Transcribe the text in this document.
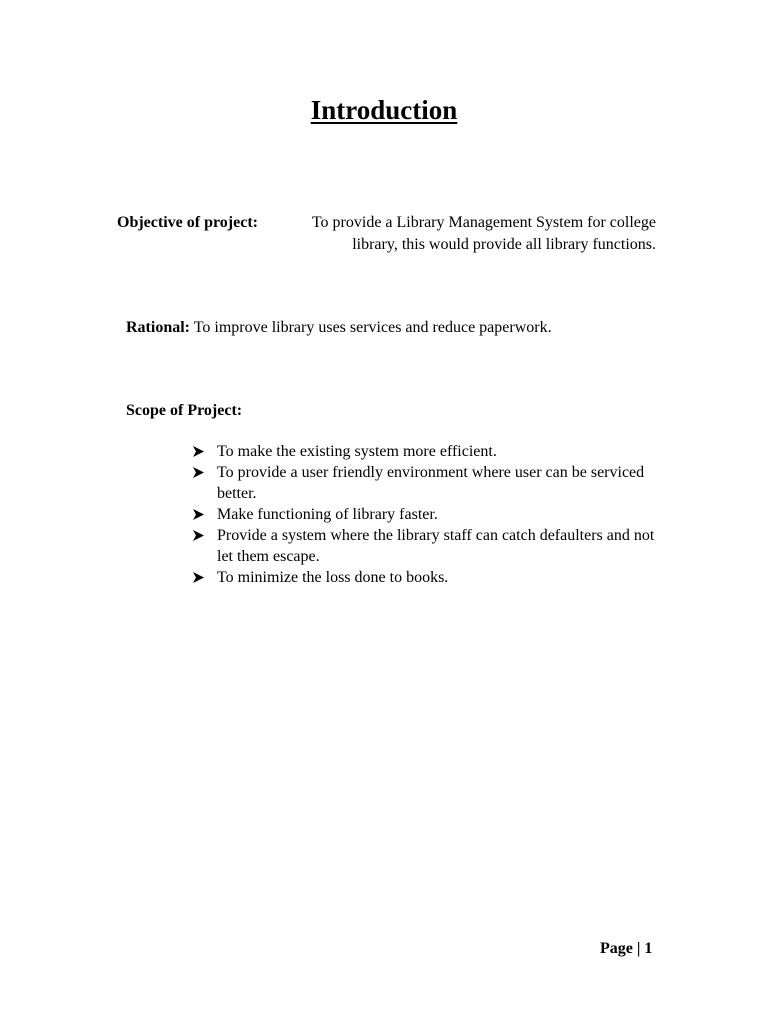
Introduction
Objective of project:	To provide a Library Management System for college library, this would provide all library functions.
Rational: To improve library uses services and reduce paperwork.
Scope of Project:
To make the existing system more efficient.
To provide a user friendly environment where user can be serviced better.
Make functioning of library faster.
Provide a system where the library staff can catch defaulters and not let them escape.
To minimize the loss done to books.
Page | 1
